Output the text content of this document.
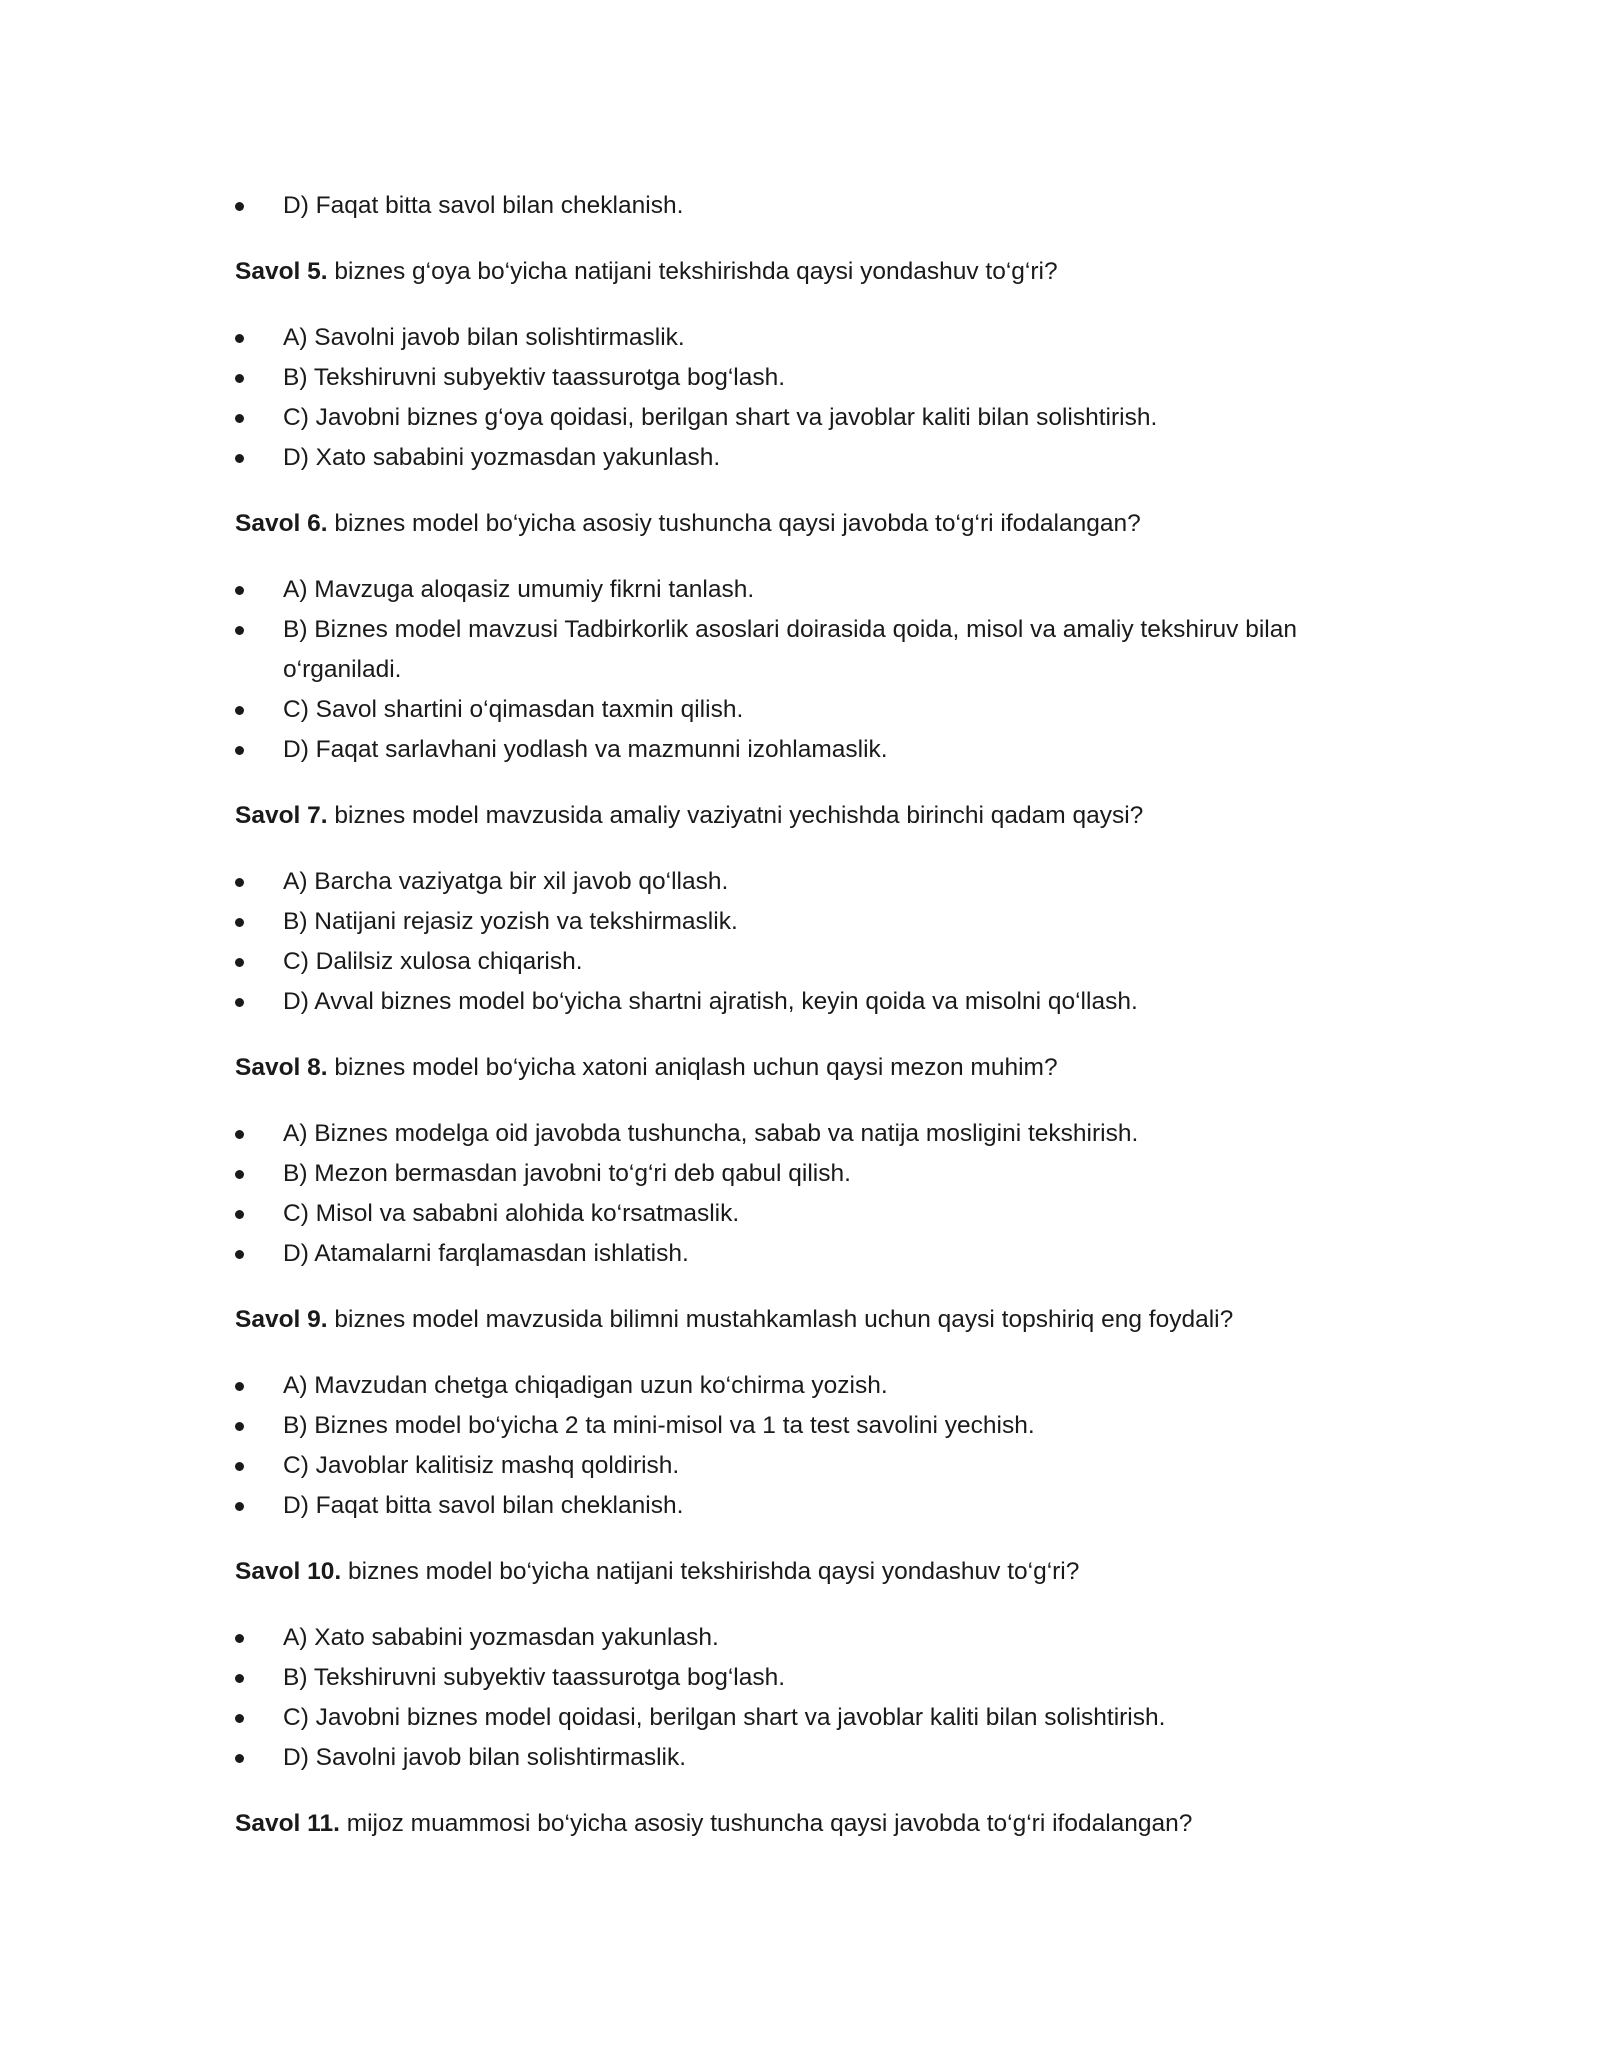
D) Faqat bitta savol bilan cheklanish.
Savol 5. biznes g‘oya bo‘yicha natijani tekshirishda qaysi yondashuv to‘g‘ri?
A) Savolni javob bilan solishtirmaslik.
B) Tekshiruvni subyektiv taassurotga bog‘lash.
C) Javobni biznes g‘oya qoidasi, berilgan shart va javoblar kaliti bilan solishtirish.
D) Xato sababini yozmasdan yakunlash.
Savol 6. biznes model bo‘yicha asosiy tushuncha qaysi javobda to‘g‘ri ifodalangan?
A) Mavzuga aloqasiz umumiy fikrni tanlash.
B) Biznes model mavzusi Tadbirkorlik asoslari doirasida qoida, misol va amaliy tekshiruv bilan o‘rganiladi.
C) Savol shartini o‘qimasdan taxmin qilish.
D) Faqat sarlavhani yodlash va mazmunni izohlamaslik.
Savol 7. biznes model mavzusida amaliy vaziyatni yechishda birinchi qadam qaysi?
A) Barcha vaziyatga bir xil javob qo‘llash.
B) Natijani rejasiz yozish va tekshirmaslik.
C) Dalilsiz xulosa chiqarish.
D) Avval biznes model bo‘yicha shartni ajratish, keyin qoida va misolni qo‘llash.
Savol 8. biznes model bo‘yicha xatoni aniqlash uchun qaysi mezon muhim?
A) Biznes modelga oid javobda tushuncha, sabab va natija mosligini tekshirish.
B) Mezon bermasdan javobni to‘g‘ri deb qabul qilish.
C) Misol va sababni alohida ko‘rsatmaslik.
D) Atamalarni farqlamasdan ishlatish.
Savol 9. biznes model mavzusida bilimni mustahkamlash uchun qaysi topshiriq eng foydali?
A) Mavzudan chetga chiqadigan uzun ko‘chirma yozish.
B) Biznes model bo‘yicha 2 ta mini-misol va 1 ta test savolini yechish.
C) Javoblar kalitisiz mashq qoldirish.
D) Faqat bitta savol bilan cheklanish.
Savol 10. biznes model bo‘yicha natijani tekshirishda qaysi yondashuv to‘g‘ri?
A) Xato sababini yozmasdan yakunlash.
B) Tekshiruvni subyektiv taassurotga bog‘lash.
C) Javobni biznes model qoidasi, berilgan shart va javoblar kaliti bilan solishtirish.
D) Savolni javob bilan solishtirmaslik.
Savol 11. mijoz muammosi bo‘yicha asosiy tushuncha qaysi javobda to‘g‘ri ifodalangan?
